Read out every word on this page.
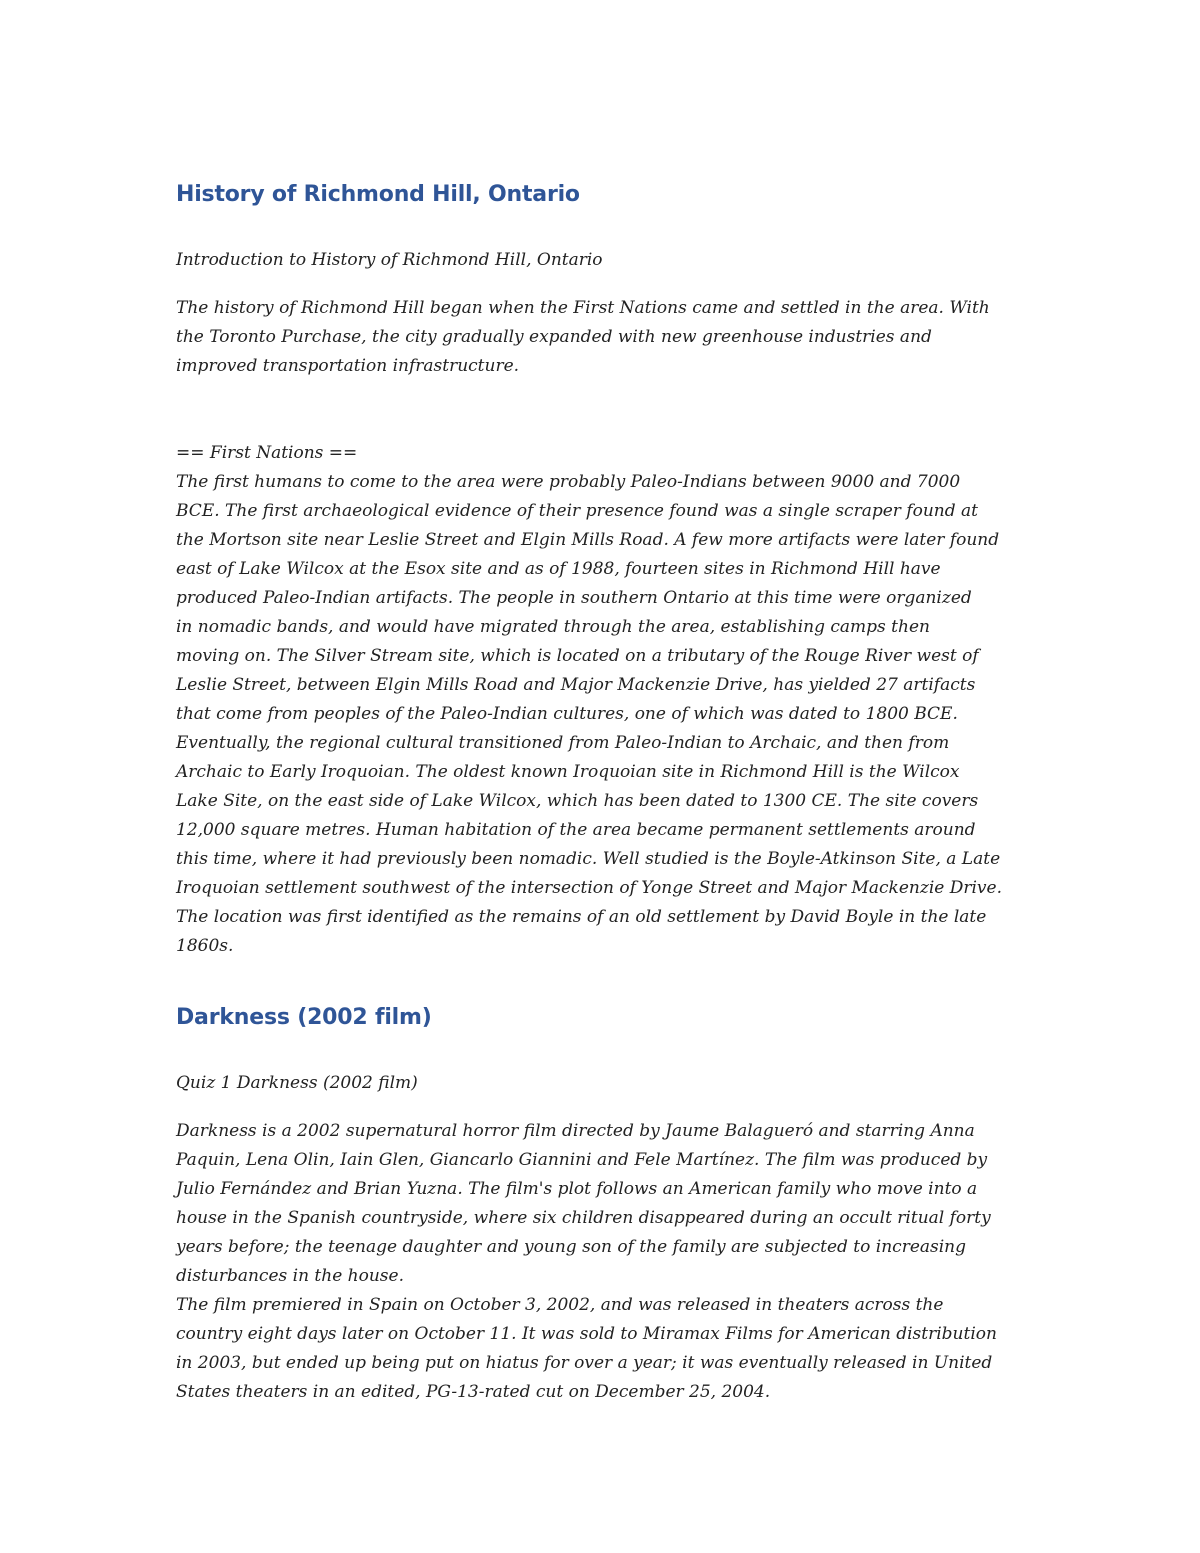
History of Richmond Hill, Ontario

Introduction to History of Richmond Hill, Ontario

The history of Richmond Hill began when the First Nations came and settled in the area. With
the Toronto Purchase, the city gradually expanded with new greenhouse industries and
improved transportation infrastructure.

== First Nations ==

The first humans to come to the area were probably Paleo-Indians between 9000 and 7000
BCE. The first archaeological evidence of their presence found was a single scraper found at
the Mortson site near Leslie Street and Elgin Mills Road. A few more artifacts were later found
east of Lake Wilcox at the Esox site and as of 1988, fourteen sites in Richmond Hill have
produced Paleo-Indian artifacts. The people in southern Ontario at this time were organized
in nomadic bands, and would have migrated through the area, establishing camps then
moving on. The Silver Stream site, which is located on a tributary of the Rouge River west of
Leslie Street, between Elgin Mills Road and Major Mackenzie Drive, has yielded 27 artifacts
that come from peoples of the Paleo-Indian cultures, one of which was dated to 1800 BCE.
Eventually, the regional cultural transitioned from Paleo-Indian to Archaic, and then from
Archaic to Early Iroquoian. The oldest known Iroquoian site in Richmond Hill is the Wilcox
Lake Site, on the east side of Lake Wilcox, which has been dated to 1300 CE. The site covers
12,000 square metres. Human habitation of the area became permanent settlements around
this time, where it had previously been nomadic. Well studied is the Boyle-Atkinson Site, a Late
Iroquoian settlement southwest of the intersection of Yonge Street and Major Mackenzie Drive.
The location was first identified as the remains of an old settlement by David Boyle in the late
1860s.

Darkness (2002 film)

Quiz 1 Darkness (2002 film)

Darkness is a 2002 supernatural horror film directed by Jaume Balagueró and starring Anna
Paquin, Lena Olin, Iain Glen, Giancarlo Giannini and Fele Martínez. The film was produced by
Julio Fernández and Brian Yuzna. The film's plot follows an American family who move into a
house in the Spanish countryside, where six children disappeared during an occult ritual forty
years before; the teenage daughter and young son of the family are subjected to increasing
disturbances in the house.
The film premiered in Spain on October 3, 2002, and was released in theaters across the
country eight days later on October 11. It was sold to Miramax Films for American distribution
in 2003, but ended up being put on hiatus for over a year; it was eventually released in United
States theaters in an edited, PG-13-rated cut on December 25, 2004.
